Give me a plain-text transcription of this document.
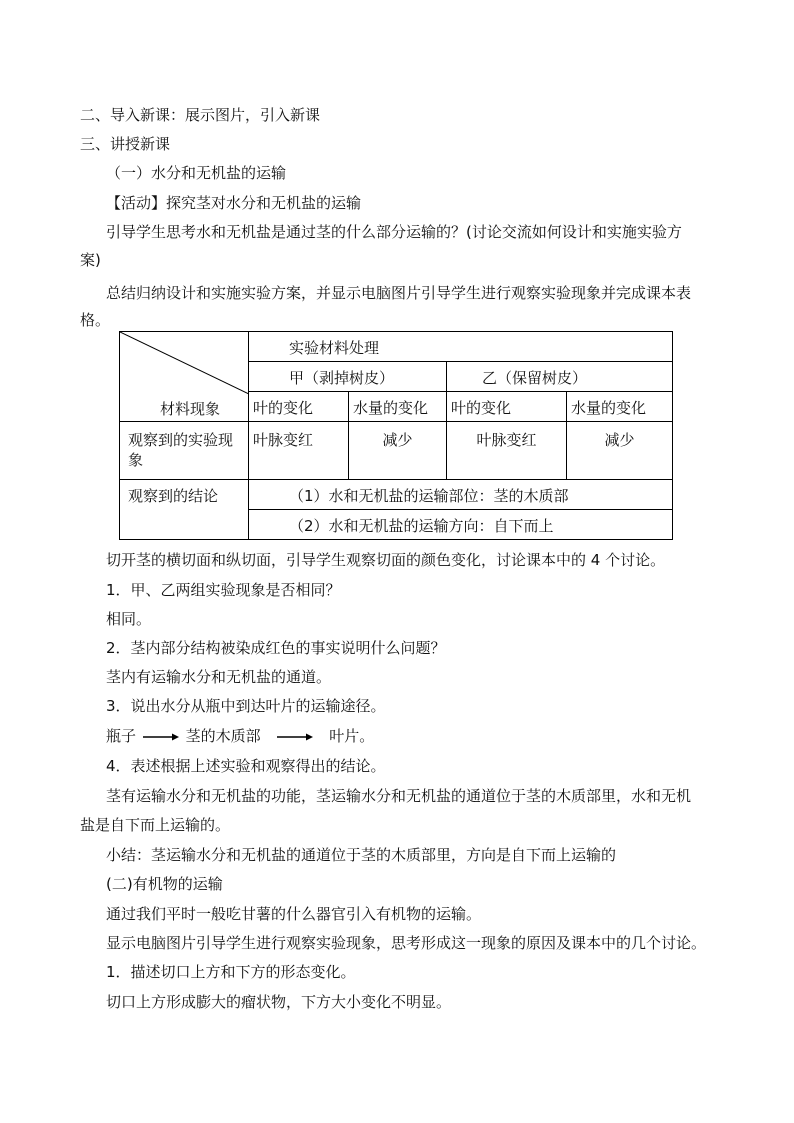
二、导入新课：展示图片，引入新课
三、讲授新课
（一）水分和无机盐的运输
【活动】探究茎对水分和无机盐的运输
引导学生思考水和无机盐是通过茎的什么部分运输的？(讨论交流如何设计和实施实验方
案)
总结归纳设计和实施实验方案，并显示电脑图片引导学生进行观察实验现象并完成课本表
格。
材料现象	实验材料处理			
	甲（剥掉树皮）		乙（保留树皮）	
	叶的变化	水量的变化	叶的变化	水量的变化
观察到的实验现象	叶脉变红	减少	叶脉变红	减少
观察到的结论	（1）水和无机盐的运输部位：茎的木质部			
	（2）水和无机盐的运输方向：自下而上			
切开茎的横切面和纵切面，引导学生观察切面的颜色变化，讨论课本中的 4 个讨论。
1．甲、乙两组实验现象是否相同？
相同。
2．茎内部分结构被染成红色的事实说明什么问题？
茎内有运输水分和无机盐的通道。
3．说出水分从瓶中到达叶片的运输途径。
瓶子	茎的木质部	叶片。
4．表述根据上述实验和观察得出的结论。
茎有运输水分和无机盐的功能，茎运输水分和无机盐的通道位于茎的木质部里，水和无机
盐是自下而上运输的。
小结：茎运输水分和无机盐的通道位于茎的木质部里，方向是自下而上运输的
(二)有机物的运输
通过我们平时一般吃甘薯的什么器官引入有机物的运输。
显示电脑图片引导学生进行观察实验现象，思考形成这一现象的原因及课本中的几个讨论。
1．描述切口上方和下方的形态变化。
切口上方形成膨大的瘤状物，下方大小变化不明显。
